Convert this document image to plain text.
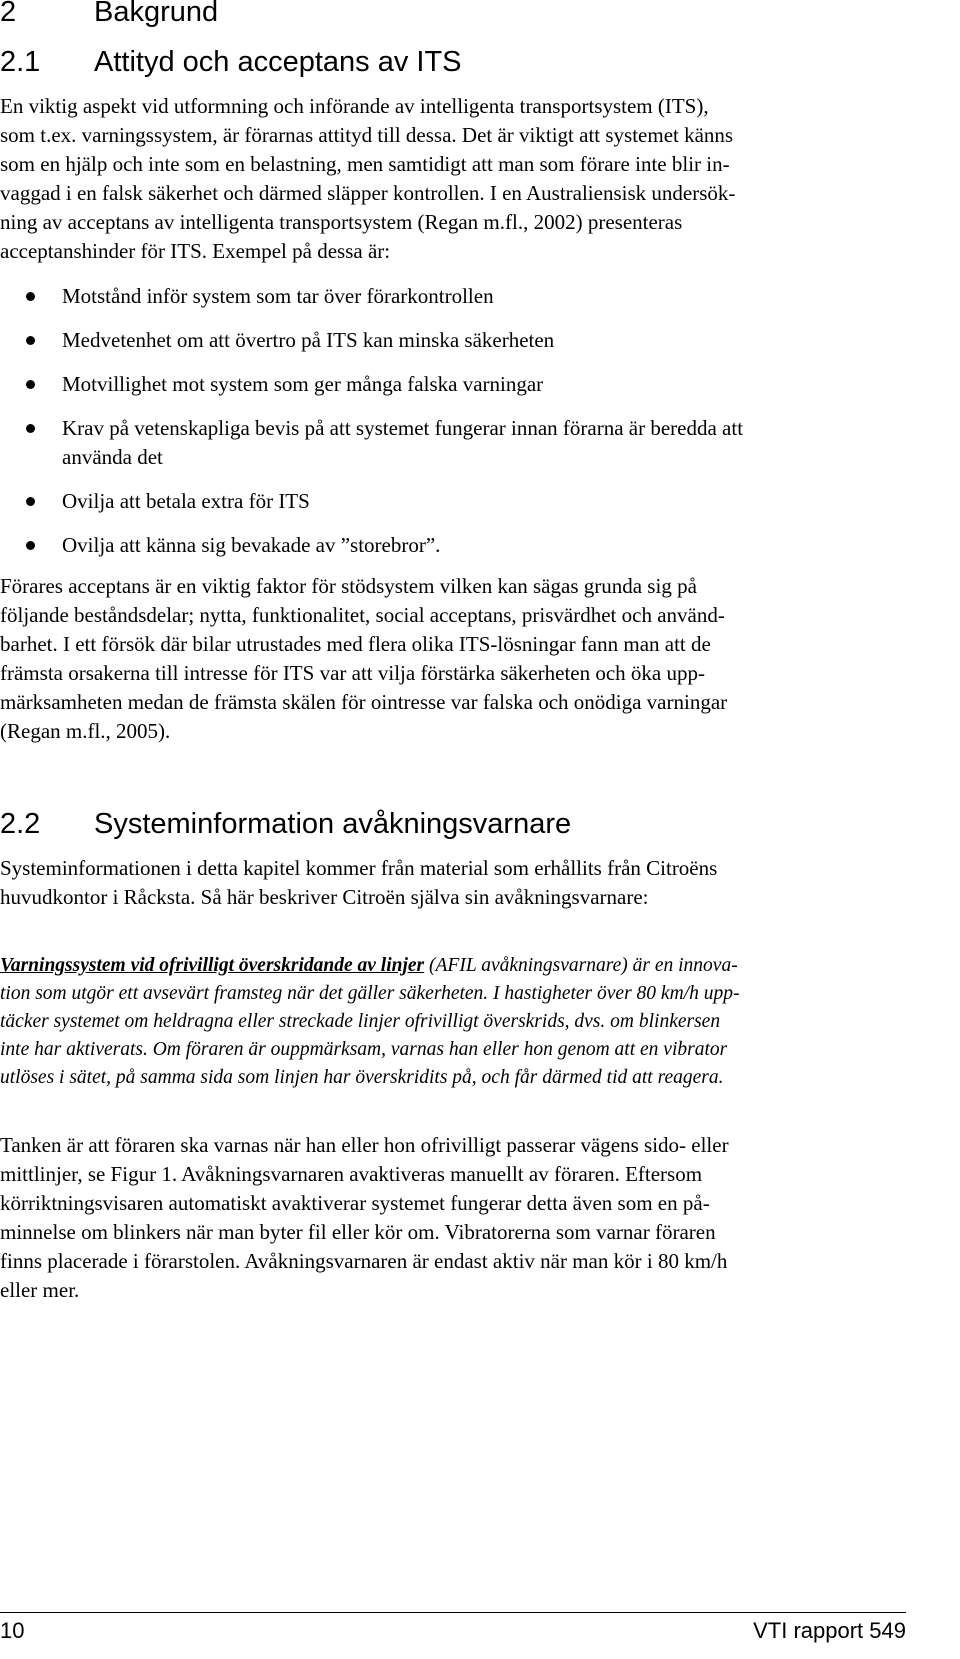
2	Bakgrund
2.1 Attityd och acceptans av ITS

En viktig aspekt vid utformning och införande av intelligenta transportsystem (ITS),
som t.ex. varningssystem, är förarnas attityd till dessa. Det är viktigt att systemet känns
som en hjälp och inte som en belastning, men samtidigt att man som förare inte blir in-
vaggad i en falsk säkerhet och därmed släpper kontrollen. I en Australiensisk undersök-
ning av acceptans av intelligenta transportsystem (Regan m.fl., 2002) presenteras
acceptanshinder för ITS. Exempel på dessa är:

Motstånd inför system som tar över förarkontrollen
Medvetenhet om att övertro på ITS kan minska säkerheten
Motvillighet mot system som ger många falska varningar
Krav på vetenskapliga bevis på att systemet fungerar innan förarna är beredda att
använda det
Ovilja att betala extra för ITS
Ovilja att känna sig bevakade av ”storebror”.

Förares acceptans är en viktig faktor för stödsystem vilken kan sägas grunda sig på
följande beståndsdelar; nytta, funktionalitet, social acceptans, prisvärdhet och använd-
barhet. I ett försök där bilar utrustades med flera olika ITS-lösningar fann man att de
främsta orsakerna till intresse för ITS var att vilja förstärka säkerheten och öka upp-
märksamheten medan de främsta skälen för ointresse var falska och onödiga varningar
(Regan m.fl., 2005).

2.2 Systeminformation avåkningsvarnare

Systeminformationen i detta kapitel kommer från material som erhållits från Citroëns
huvudkontor i Råcksta. Så här beskriver Citroën själva sin avåkningsvarnare:

Varningssystem vid ofrivilligt överskridande av linjer (AFIL avåkningsvarnare) är en innova-
tion som utgör ett avsevärt framsteg när det gäller säkerheten. I hastigheter över 80 km/h upp-
täcker systemet om heldragna eller streckade linjer ofrivilligt överskrids, dvs. om blinkersen
inte har aktiverats. Om föraren är ouppmärksam, varnas han eller hon genom att en vibrator
utlöses i sätet, på samma sida som linjen har överskridits på, och får därmed tid att reagera.

Tanken är att föraren ska varnas när han eller hon ofrivilligt passerar vägens sido- eller
mittlinjer, se Figur 1. Avåkningsvarnaren avaktiveras manuellt av föraren. Eftersom
körriktningsvisaren automatiskt avaktiverar systemet fungerar detta även som en på-
minnelse om blinkers när man byter fil eller kör om. Vibratorerna som varnar föraren
finns placerade i förarstolen. Avåkningsvarnaren är endast aktiv när man kör i 80 km/h
eller mer.

10	VTI rapport 549
